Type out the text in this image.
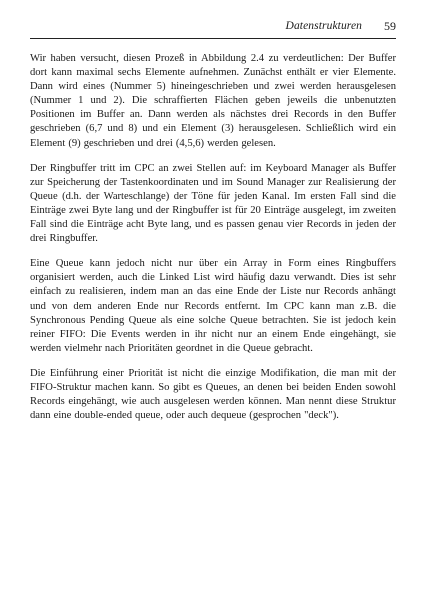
Datenstrukturen 59

Wir haben versucht, diesen Prozeß in Abbildung 2.4 zu verdeutlichen: Der Buffer dort kann maximal sechs Elemente aufnehmen. Zunächst enthält er vier Elemente. Dann wird eines (Nummer 5) hineingeschrieben und zwei werden herausgelesen (Nummer 1 und 2). Die schraffierten Flächen geben jeweils die unbenutzten Positionen im Buffer an. Dann werden als nächstes drei Records in den Buffer geschrieben (6,7 und 8) und ein Element (3) herausgelesen. Schließlich wird ein Element (9) geschrieben und drei (4,5,6) werden gelesen.

Der Ringbuffer tritt im CPC an zwei Stellen auf: im Keyboard Manager als Buffer zur Speicherung der Tastenkoordinaten und im Sound Manager zur Realisierung der Queue (d.h. der Warteschlange) der Töne für jeden Kanal. Im ersten Fall sind die Einträge zwei Byte lang und der Ringbuffer ist für 20 Einträge ausgelegt, im zweiten Fall sind die Einträge acht Byte lang, und es passen genau vier Records in jeden der drei Ringbuffer.

Eine Queue kann jedoch nicht nur über ein Array in Form eines Ringbuffers organisiert werden, auch die Linked List wird häufig dazu verwandt. Dies ist sehr einfach zu realisieren, indem man an das eine Ende der Liste nur Records anhängt und von dem anderen Ende nur Records entfernt. Im CPC kann man z.B. die Synchronous Pending Queue als eine solche Queue betrachten. Sie ist jedoch kein reiner FIFO: Die Events werden in ihr nicht nur an einem Ende eingehängt, sie werden vielmehr nach Prioritäten geordnet in die Queue gebracht.

Die Einführung einer Priorität ist nicht die einzige Modifikation, die man mit der FIFO-Struktur machen kann. So gibt es Queues, an denen bei beiden Enden sowohl Records eingehängt, wie auch ausgelesen werden können. Man nennt diese Struktur dann eine double-ended queue, oder auch dequeue (gesprochen "deck").
